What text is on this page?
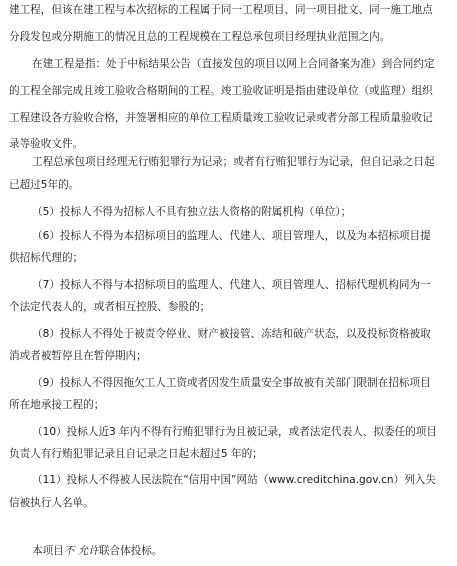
建工程，但该在建工程与本次招标的工程属于同一工程项目、同一项目批文、同一施工地点
分段发包或分期施工的情况且总的工程规模在工程总承包项目经理执业范围之内。
在建工程是指：处于中标结果公告（直接发包的项目以网上合同备案为准）到合同约定
的工程全部完成且竣工验收合格期间的工程。竣工验收证明是指由建设单位（或监理）组织
工程建设各方验收合格，并签署相应的单位工程质量竣工验收记录或者分部工程质量验收记
录等验收文件。
工程总承包项目经理无行贿犯罪行为记录；或者有行贿犯罪行为记录，但自记录之日起
已超过5年的。
（5）投标人不得为招标人不具有独立法人资格的附属机构（单位）；
（6）投标人不得为本招标项目的监理人、代建人、项目管理人，以及为本招标项目提
供招标代理的；
（7）投标人不得与本招标项目的监理人、代建人、项目管理人、招标代理机构同为一
个法定代表人的，或者相互控股、参股的；
（8）投标人不得处于被责令停业、财产被接管、冻结和破产状态，以及投标资格被取
消或者被暂停且在暂停期内；
（9）投标人不得因拖欠工人工资或者因发生质量安全事故被有关部门限制在招标项目
所在地承接工程的；
（10）投标人近3 年内不得有行贿犯罪行为且被记录，或者法定代表人、拟委任的项目
负责人有行贿犯罪记录且自记录之日起未超过5 年的；
（11）投标人不得被人民法院在“信用中国”网站（www.creditchina.gov.cn）列入失
信被执行人名单。
本项目不 允许联合体投标。
